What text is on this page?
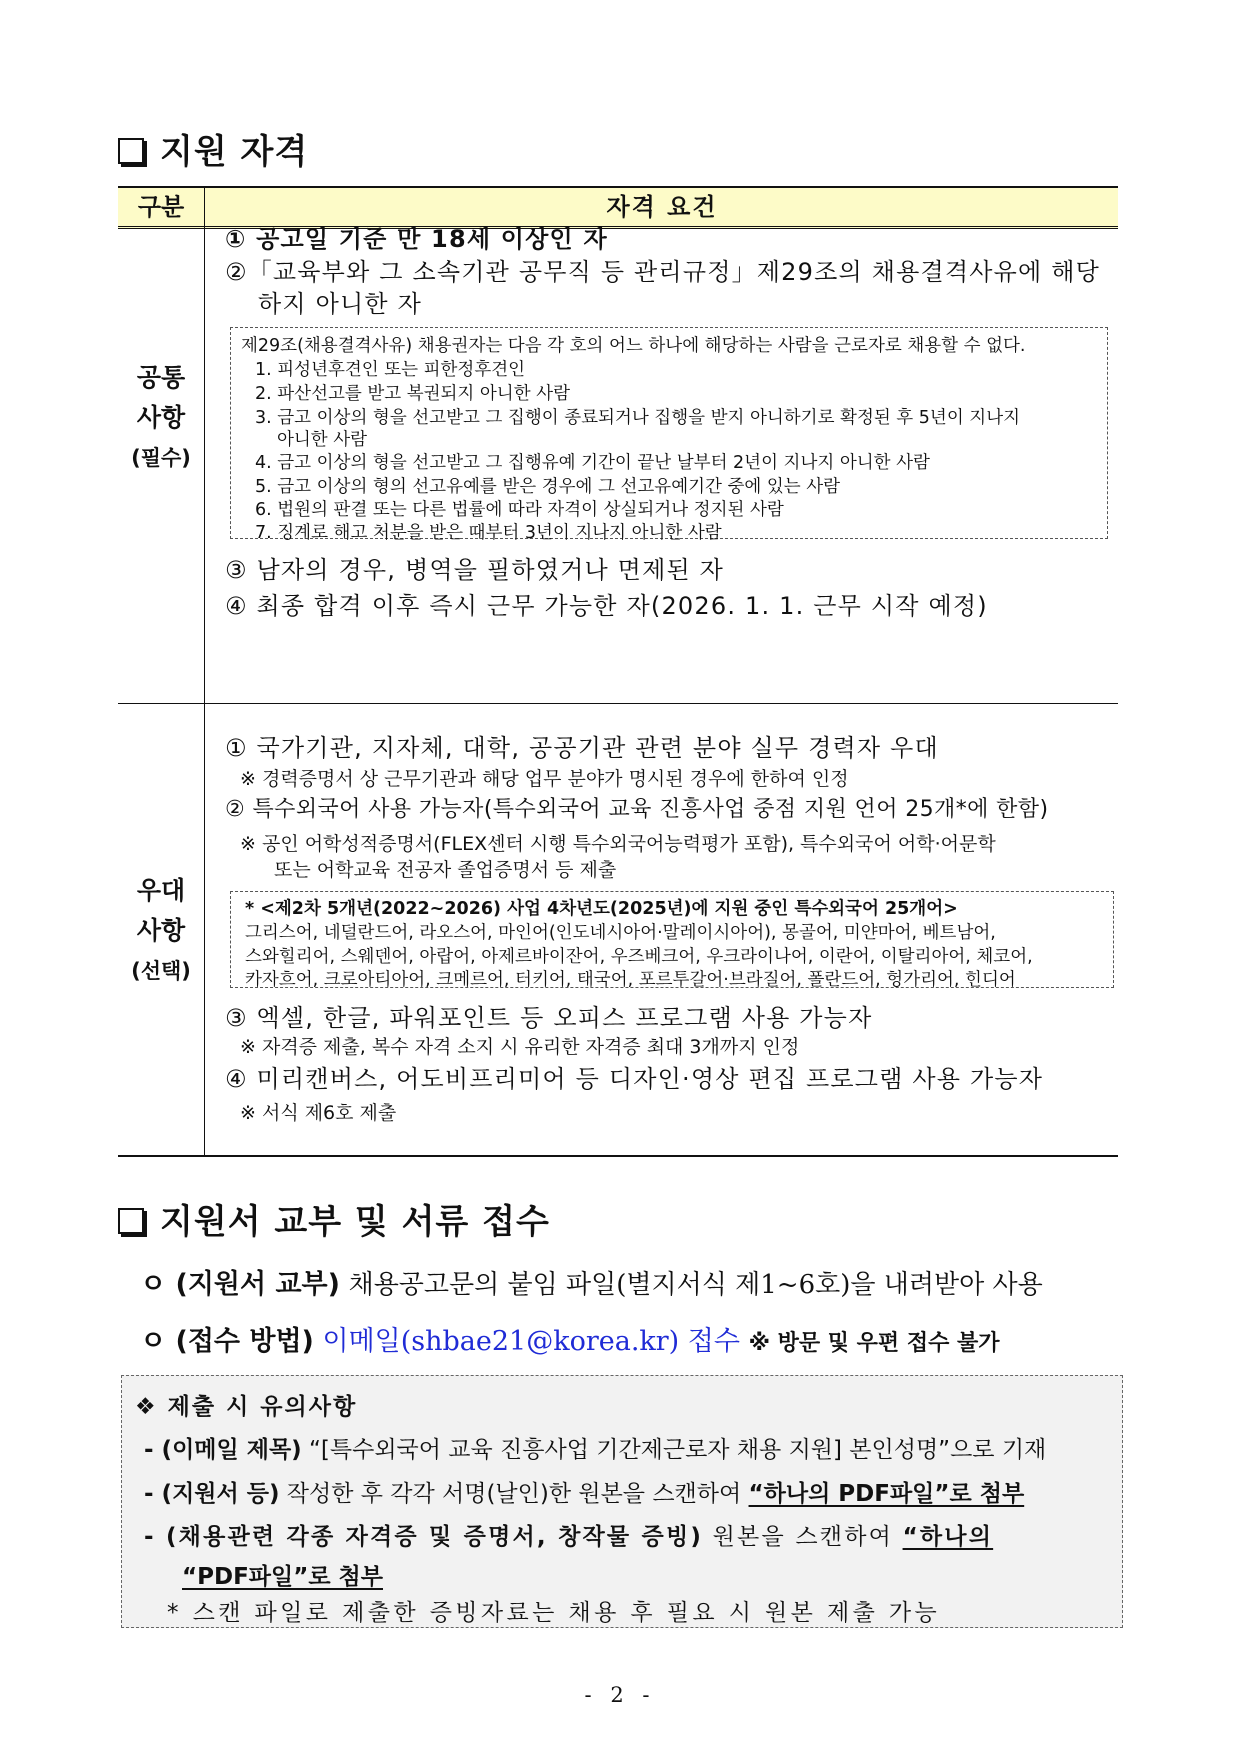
지원 자격
구분	자격 요건
공통
사항
(필수)
① 공고일 기준 만 18세 이상인 자
②「교육부와 그 소속기관 공무직 등 관리규정」제29조의 채용결격사유에 해당
하지 아니한 자
제29조(채용결격사유) 채용권자는 다음 각 호의 어느 하나에 해당하는 사람을 근로자로 채용할 수 없다.
1. 피성년후견인 또는 피한정후견인
2. 파산선고를 받고 복권되지 아니한 사람
3. 금고 이상의 형을 선고받고 그 집행이 종료되거나 집행을 받지 아니하기로 확정된 후 5년이 지나지
아니한 사람
4. 금고 이상의 형을 선고받고 그 집행유예 기간이 끝난 날부터 2년이 지나지 아니한 사람
5. 금고 이상의 형의 선고유예를 받은 경우에 그 선고유예기간 중에 있는 사람
6. 법원의 판결 또는 다른 법률에 따라 자격이 상실되거나 정지된 사람
7. 징계로 해고 처분을 받은 때부터 3년이 지나지 아니한 사람
③ 남자의 경우, 병역을 필하였거나 면제된 자
④ 최종 합격 이후 즉시 근무 가능한 자(2026. 1. 1. 근무 시작 예정)
우대
사항
(선택)
① 국가기관, 지자체, 대학, 공공기관 관련 분야 실무 경력자 우대
※ 경력증명서 상 근무기관과 해당 업무 분야가 명시된 경우에 한하여 인정
② 특수외국어 사용 가능자(특수외국어 교육 진흥사업 중점 지원 언어 25개*에 한함)
※ 공인 어학성적증명서(FLEX센터 시행 특수외국어능력평가 포함), 특수외국어 어학·어문학
또는 어학교육 전공자 졸업증명서 등 제출
* <제2차 5개년(2022~2026) 사업 4차년도(2025년)에 지원 중인 특수외국어 25개어>
그리스어, 네덜란드어, 라오스어, 마인어(인도네시아어·말레이시아어), 몽골어, 미얀마어, 베트남어,
스와힐리어, 스웨덴어, 아랍어, 아제르바이잔어, 우즈베크어, 우크라이나어, 이란어, 이탈리아어, 체코어,
카자흐어, 크로아티아어, 크메르어, 터키어, 태국어, 포르투갈어·브라질어, 폴란드어, 헝가리어, 힌디어
③ 엑셀, 한글, 파워포인트 등 오피스 프로그램 사용 가능자
※ 자격증 제출, 복수 자격 소지 시 유리한 자격증 최대 3개까지 인정
④ 미리캔버스, 어도비프리미어 등 디자인·영상 편집 프로그램 사용 가능자
※ 서식 제6호 제출
지원서 교부 및 서류 접수
ㅇ (지원서 교부) 채용공고문의 붙임 파일(별지서식 제1~6호)을 내려받아 사용
ㅇ (접수 방법) 이메일(shbae21@korea.kr) 접수 ※ 방문 및 우편 접수 불가
❖ 제출 시 유의사항
- (이메일 제목) “[특수외국어 교육 진흥사업 기간제근로자 채용 지원] 본인성명”으로 기재
- (지원서 등) 작성한 후 각각 서명(날인)한 원본을 스캔하여 “하나의 PDF파일”로 첨부
- (채용관련 각종 자격증 및 증명서, 창작물 증빙) 원본을 스캔하여 “하나의
“PDF파일”로 첨부
* 스캔 파일로 제출한 증빙자료는 채용 후 필요 시 원본 제출 가능
- 2 -
